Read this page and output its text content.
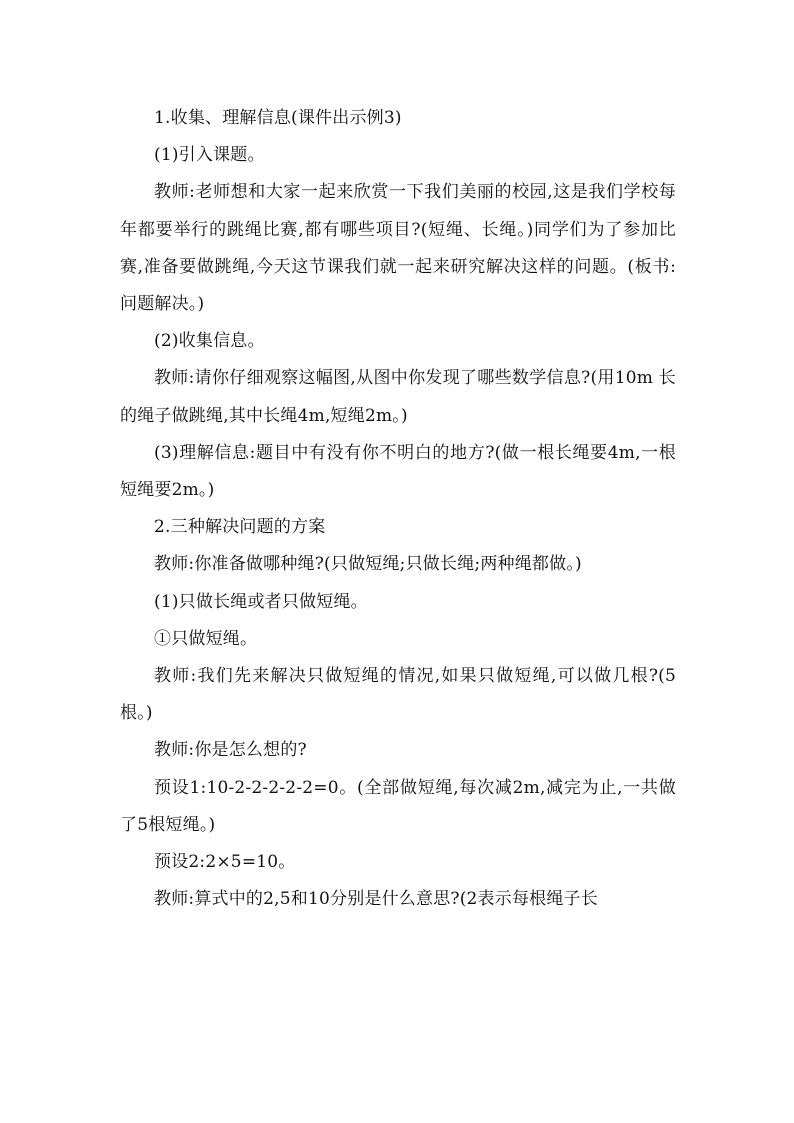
1.收集、理解信息(课件出示例3)

(1)引入课题。

教师:老师想和大家一起来欣赏一下我们美丽的校园,这是我们学校每年都要举行的跳绳比赛,都有哪些项目?(短绳、长绳。)同学们为了参加比赛,准备要做跳绳,今天这节课我们就一起来研究解决这样的问题。(板书:问题解决。)

(2)收集信息。

教师:请你仔细观察这幅图,从图中你发现了哪些数学信息?(用10m 长的绳子做跳绳,其中长绳4m,短绳2m。)

(3)理解信息:题目中有没有你不明白的地方?(做一根长绳要4m,一根短绳要2m。)

2.三种解决问题的方案

教师:你准备做哪种绳?(只做短绳;只做长绳;两种绳都做。)

(1)只做长绳或者只做短绳。

①只做短绳。

教师:我们先来解决只做短绳的情况,如果只做短绳,可以做几根?(5根。)

教师:你是怎么想的?

预设1:10-2-2-2-2-2=0。(全部做短绳,每次减2m,减完为止,一共做了5根短绳。)

预设2:2×5=10。

教师:算式中的2,5和10分别是什么意思?(2表示每根绳子长
